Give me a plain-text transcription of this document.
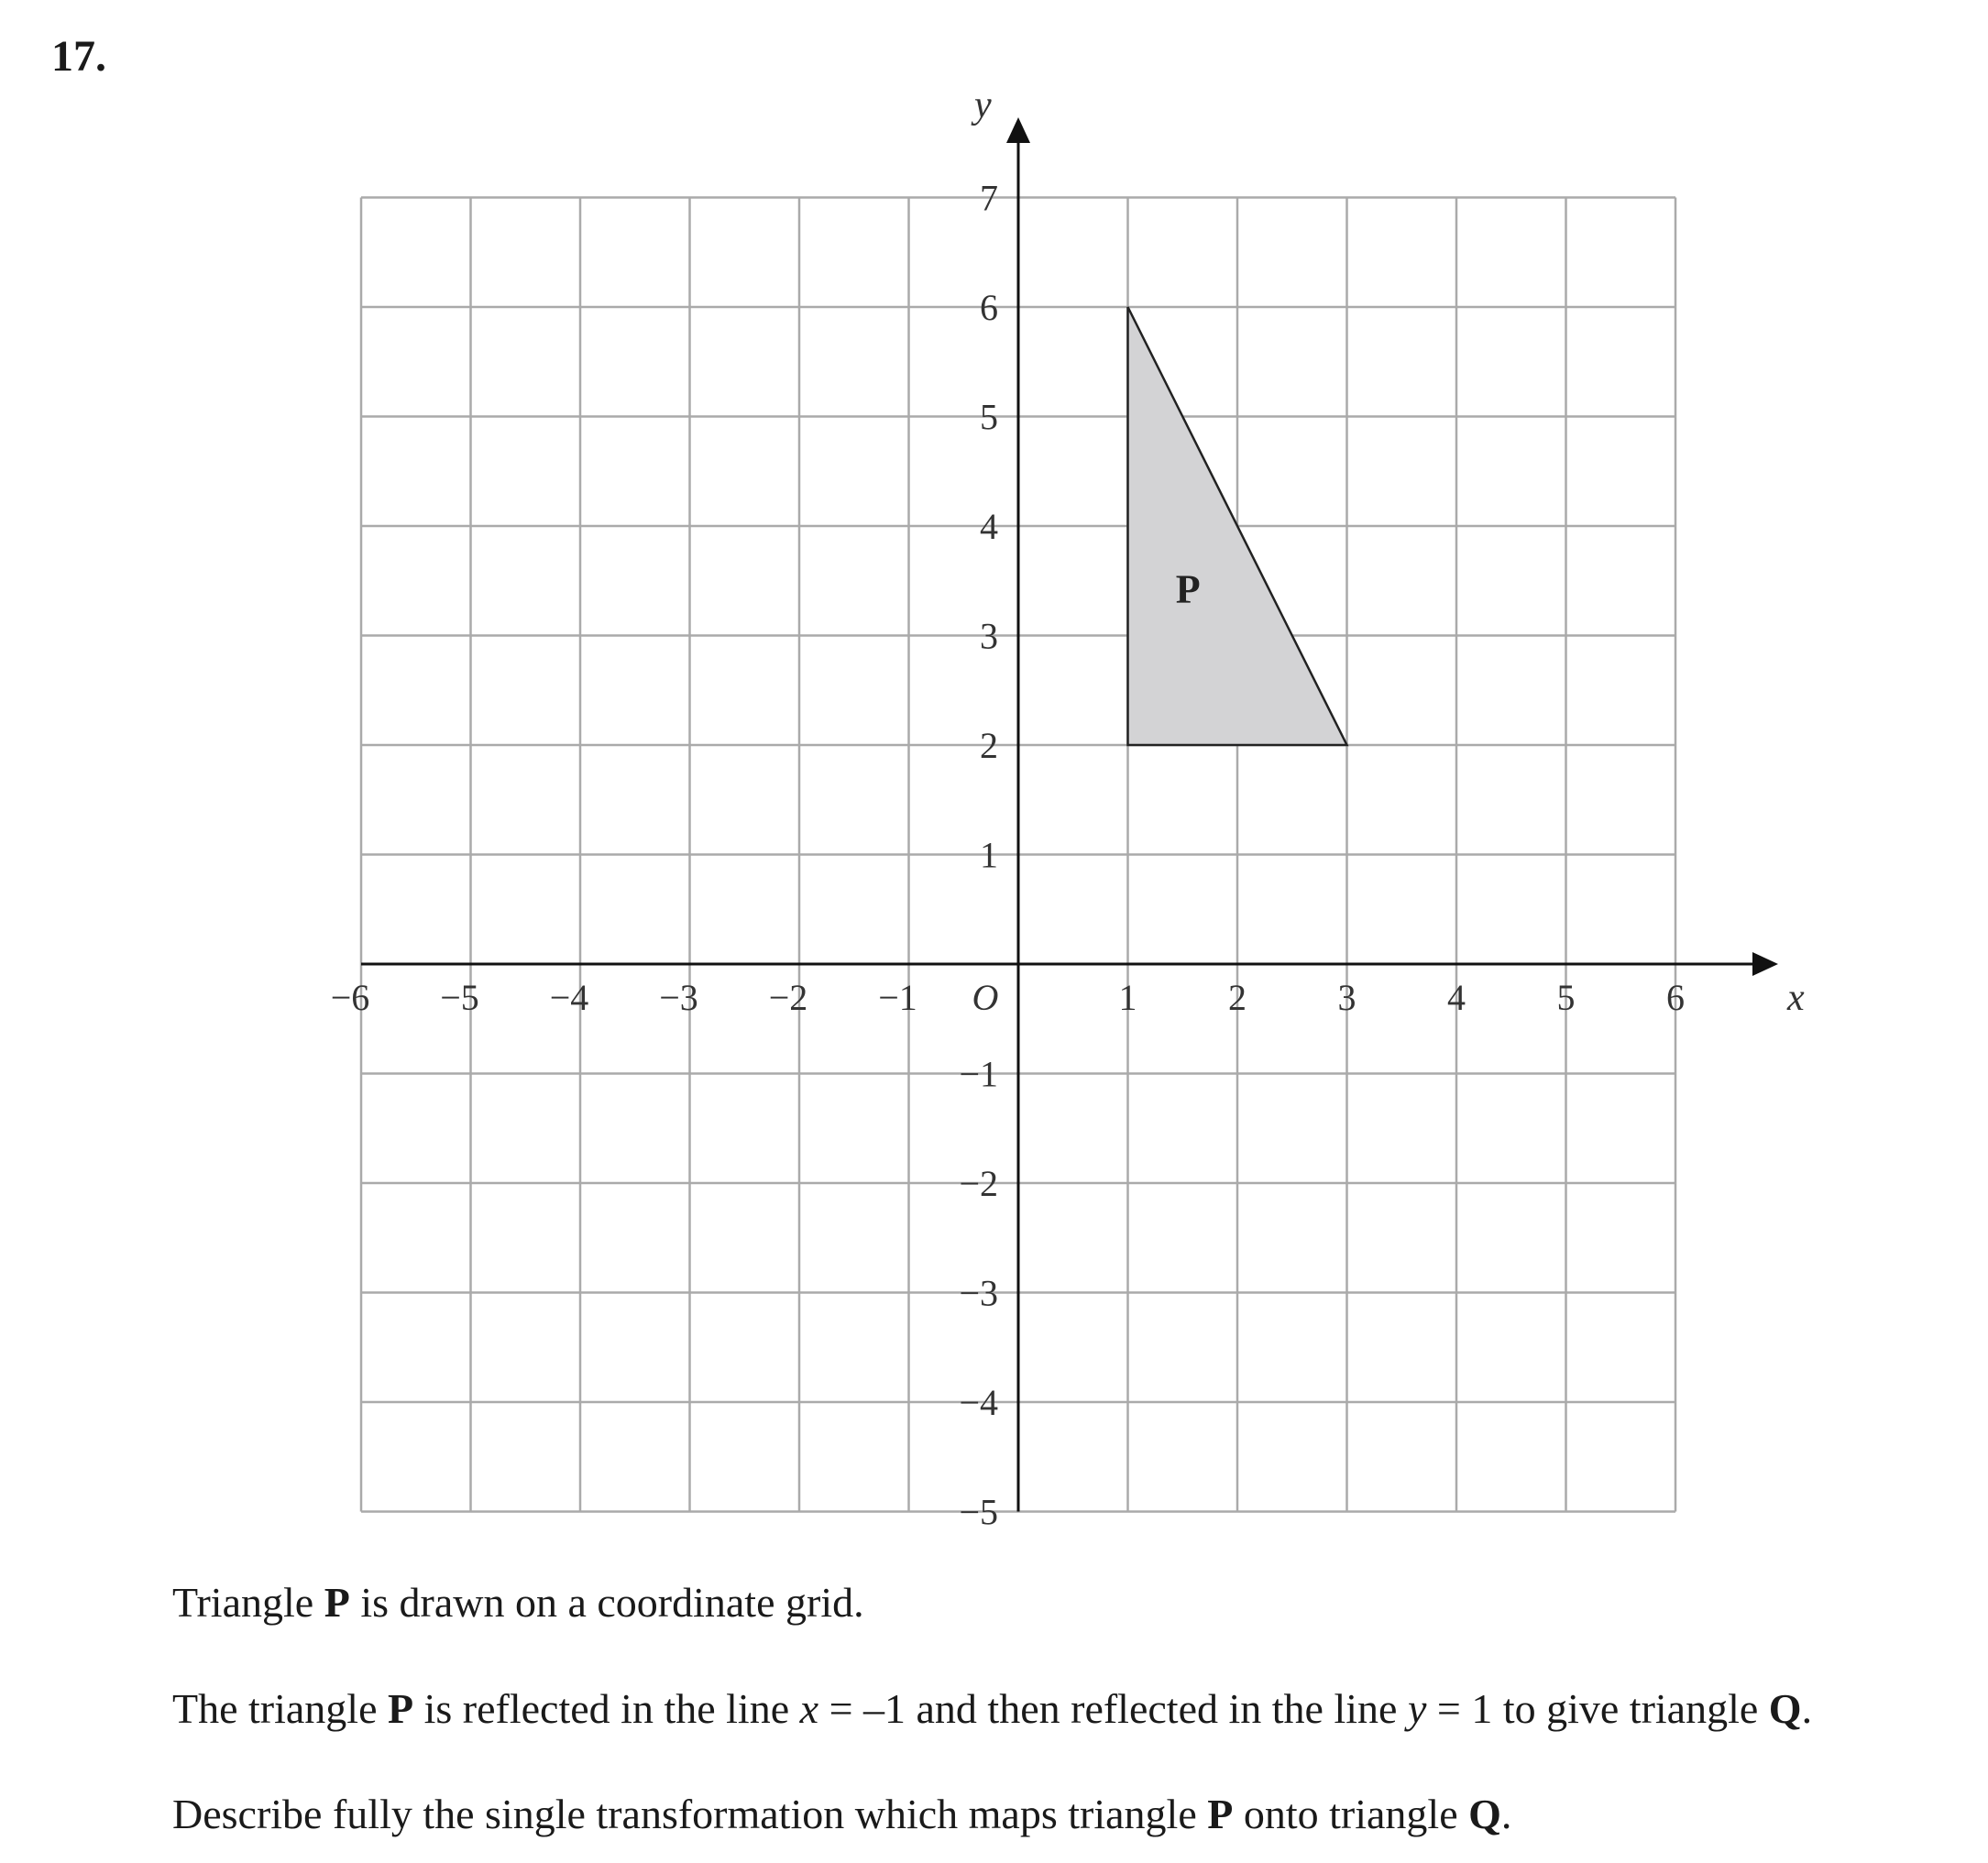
17.
−6 −5 −4 −3 −2 −1	1 2 3 4 5 6
−5
−4
−3
−2
−1
1
2
3
4
5
6
7
P
x
y
O
Triangle P is drawn on a coordinate grid.
The triangle P is reflected in the line x = –1 and then reflected in the line y = 1 to give triangle Q.
Describe fully the single transformation which maps triangle P onto triangle Q.
